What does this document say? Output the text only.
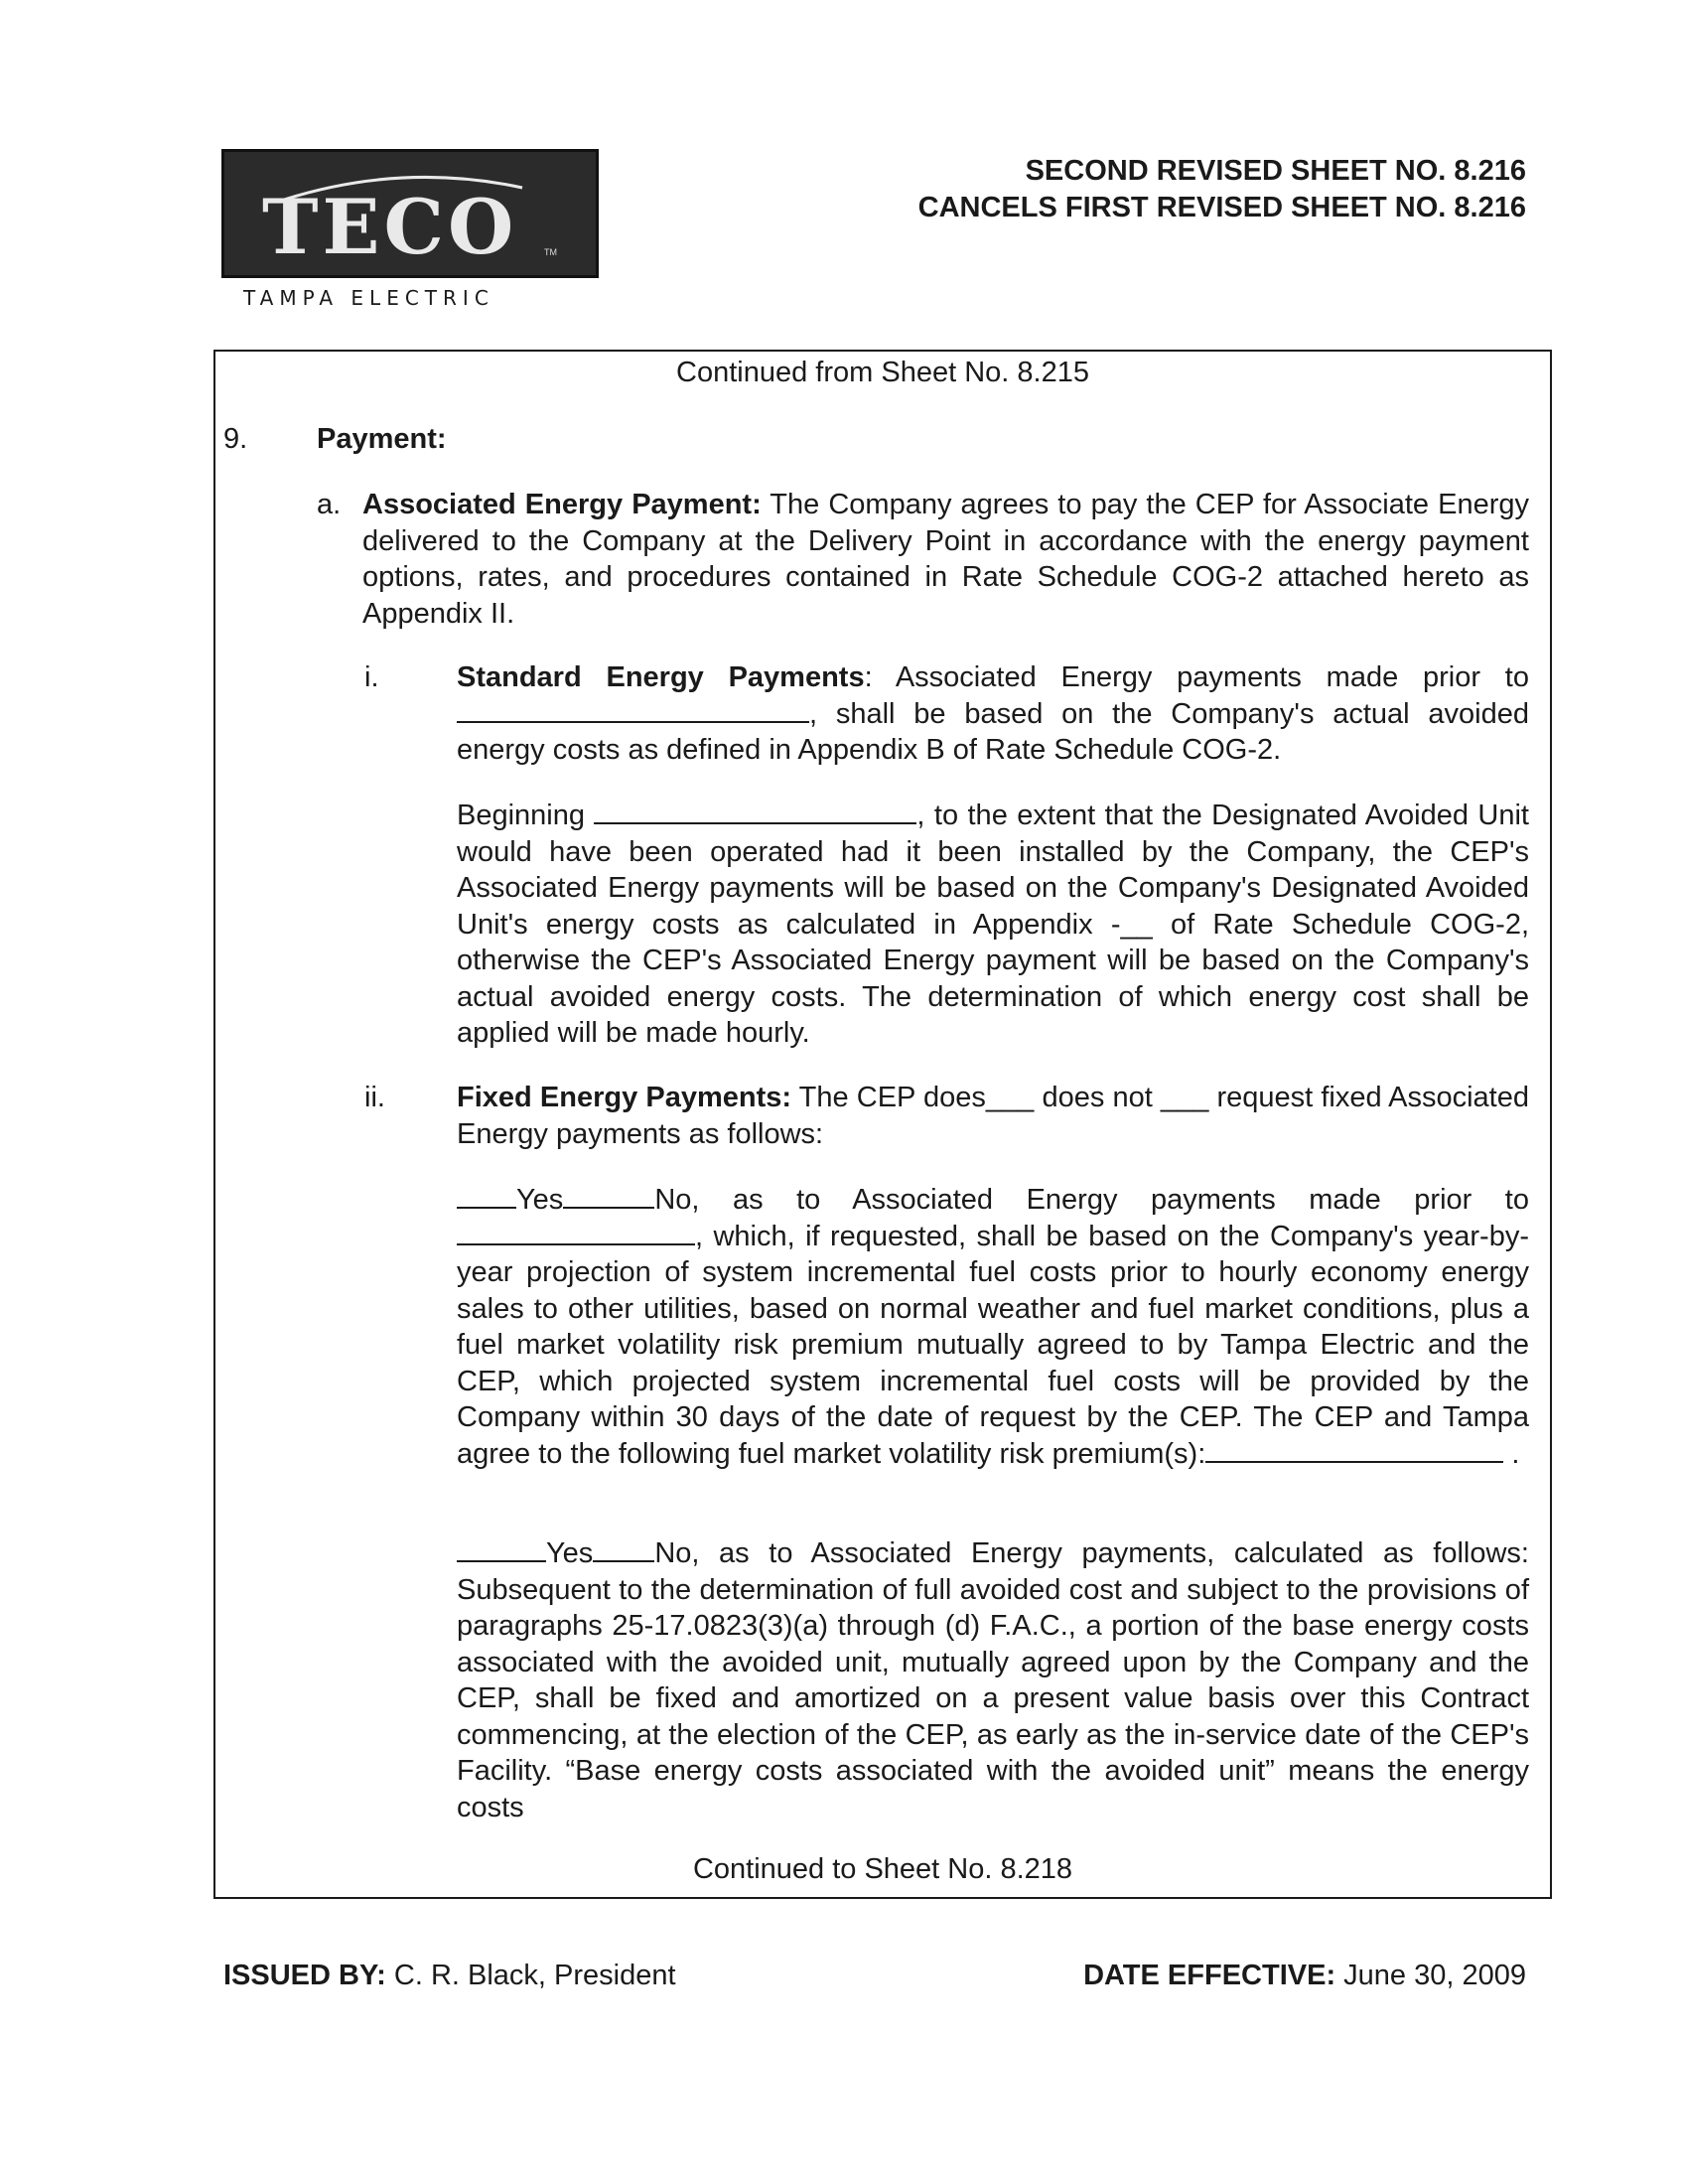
TECO	TM
TAMPA ELECTRIC
SECOND REVISED SHEET NO. 8.216
CANCELS FIRST REVISED SHEET NO. 8.216
Continued from Sheet No. 8.215
9. Payment:
a. Associated Energy Payment: The Company agrees to pay the CEP for Associate Energy delivered to the Company at the Delivery Point in accordance with the energy payment options, rates, and procedures contained in Rate Schedule COG-2 attached hereto as Appendix II.
i.	Standard Energy Payments: Associated Energy payments made prior to , shall be based on the Company's actual avoided energy costs as defined in Appendix B of Rate Schedule COG-2.
Beginning	, to the extent that the Designated Avoided Unit would have been operated had it been installed by the Company, the CEP's Associated Energy payments will be based on the Company's Designated Avoided Unit's energy costs as calculated in Appendix -__ of Rate Schedule COG-2, otherwise the CEP's Associated Energy payment will be based on the Company's actual avoided energy costs. The determination of which energy cost shall be applied will be made hourly.
ii. Fixed Energy Payments: The CEP does___ does not ___ request fixed Associated Energy payments as follows:
Yes	No, as to Associated Energy payments made prior to , which, if requested, shall be based on the Company's year-by-year projection of system incremental fuel costs prior to hourly economy energy sales to other utilities, based on normal weather and fuel market conditions, plus a fuel market volatility risk premium mutually agreed to by Tampa Electric and the CEP, which projected system incremental fuel costs will be provided by the Company within 30 days of the date of request by the CEP. The CEP and Tampa agree to the following fuel market volatility risk premium(s):	.
Yes No, as to Associated Energy payments, calculated as follows: Subsequent to the determination of full avoided cost and subject to the provisions of paragraphs 25-17.0823(3)(a) through (d) F.A.C., a portion of the base energy costs associated with the avoided unit, mutually agreed upon by the Company and the CEP, shall be fixed and amortized on a present value basis over this Contract commencing, at the election of the CEP, as early as the in-service date of the CEP's Facility. “Base energy costs associated with the avoided unit” means the energy costs
Continued to Sheet No. 8.218
ISSUED BY: C. R. Black, President	DATE EFFECTIVE: June 30, 2009
